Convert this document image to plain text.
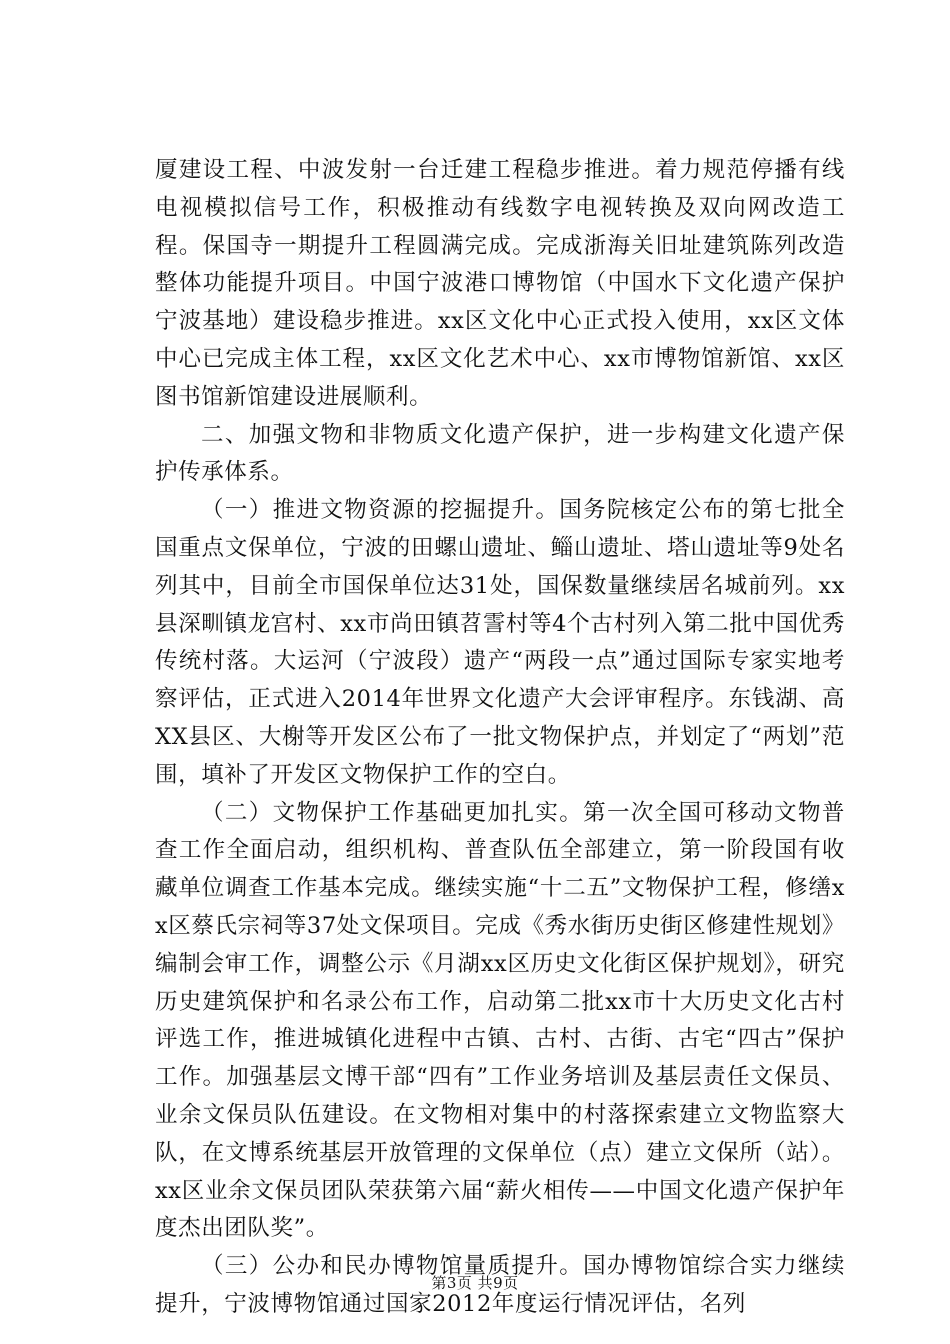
厦建设工程、中波发射一台迁建工程稳步推进。着力规范停播有线电视模拟信号工作，积极推动有线数字电视转换及双向网改造工程。保国寺一期提升工程圆满完成。完成浙海关旧址建筑陈列改造整体功能提升项目。中国宁波港口博物馆（中国水下文化遗产保护宁波基地）建设稳步推进。xx区文化中心正式投入使用，xx区文体中心已完成主体工程，xx区文化艺术中心、xx市博物馆新馆、xx区图书馆新馆建设进展顺利。

二、加强文物和非物质文化遗产保护，进一步构建文化遗产保护传承体系。

（一）推进文物资源的挖掘提升。国务院核定公布的第七批全国重点文保单位，宁波的田螺山遗址、鲻山遗址、塔山遗址等9处名列其中，目前全市国保单位达31处，国保数量继续居名城前列。xx县深甽镇龙宫村、xx市尚田镇苕霅村等4个古村列入第二批中国优秀传统村落。大运河（宁波段）遗产“两段一点”通过国际专家实地考察评估，正式进入2014年世界文化遗产大会评审程序。东钱湖、高XX县区、大榭等开发区公布了一批文物保护点，并划定了“两划”范围，填补了开发区文物保护工作的空白。

（二）文物保护工作基础更加扎实。第一次全国可移动文物普查工作全面启动，组织机构、普查队伍全部建立，第一阶段国有收藏单位调查工作基本完成。继续实施“十二五”文物保护工程，修缮xx区蔡氏宗祠等37处文保项目。完成《秀水街历史街区修建性规划》编制会审工作，调整公示《月湖xx区历史文化街区保护规划》，研究历史建筑保护和名录公布工作，启动第二批xx市十大历史文化古村评选工作，推进城镇化进程中古镇、古村、古街、古宅“四古”保护工作。加强基层文博干部“四有”工作业务培训及基层责任文保员、业余文保员队伍建设。在文物相对集中的村落探索建立文物监察大队，在文博系统基层开放管理的文保单位（点）建立文保所（站）。xx区业余文保员团队荣获第六届“薪火相传——中国文化遗产保护年度杰出团队奖”。

（三）公办和民办博物馆量质提升。国办博物馆综合实力继续提升，宁波博物馆通过国家2012年度运行情况评估，名列

第3页 共9页
